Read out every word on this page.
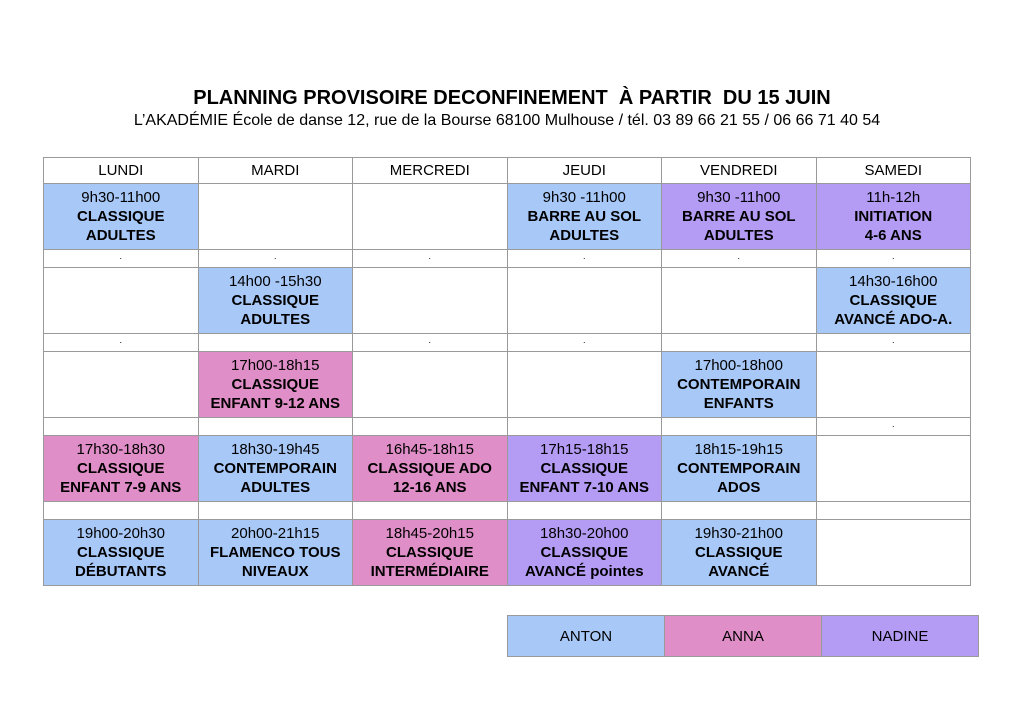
PLANNING PROVISOIRE DECONFINEMENT  À PARTIR  DU 15 JUIN
L’AKADÉMIE École de danse 12, rue de la Bourse 68100 Mulhouse / tél. 03 89 66 21 55 / 06 66 71 40 54
LUNDI	MARDI	MERCREDI	JEUDI	VENDREDI	SAMEDI

9h30-11h00
CLASSIQUE
ADULTES			9h30 -11h00
BARRE AU SOL
ADULTES	9h30 -11h00
BARRE AU SOL
ADULTES	11h-12h
INITIATION
4-6 ANS

·	·	·	·	·	·

	14h00 -15h30
CLASSIQUE
ADULTES				14h30-16h00
CLASSIQUE
AVANCÉ ADO-A.

·		·	·		·

	17h00-18h15
CLASSIQUE
ENFANT 9-12 ANS			17h00-18h00
CONTEMPORAIN
ENFANTS	

					·

17h30-18h30
CLASSIQUE
ENFANT 7-9 ANS	18h30-19h45
CONTEMPORAIN
ADULTES	16h45-18h15
CLASSIQUE ADO
12-16 ANS	17h15-18h15
CLASSIQUE
ENFANT 7-10 ANS	18h15-19h15
CONTEMPORAIN
ADOS	

19h00-20h30
CLASSIQUE
DÉBUTANTS	20h00-21h15
FLAMENCO TOUS
NIVEAUX	18h45-20h15
CLASSIQUE
INTERMÉDIAIRE	18h30-20h00
CLASSIQUE
AVANCÉ pointes	19h30-21h00
CLASSIQUE
AVANCÉ	

ANTON	ANNA	NADINE
